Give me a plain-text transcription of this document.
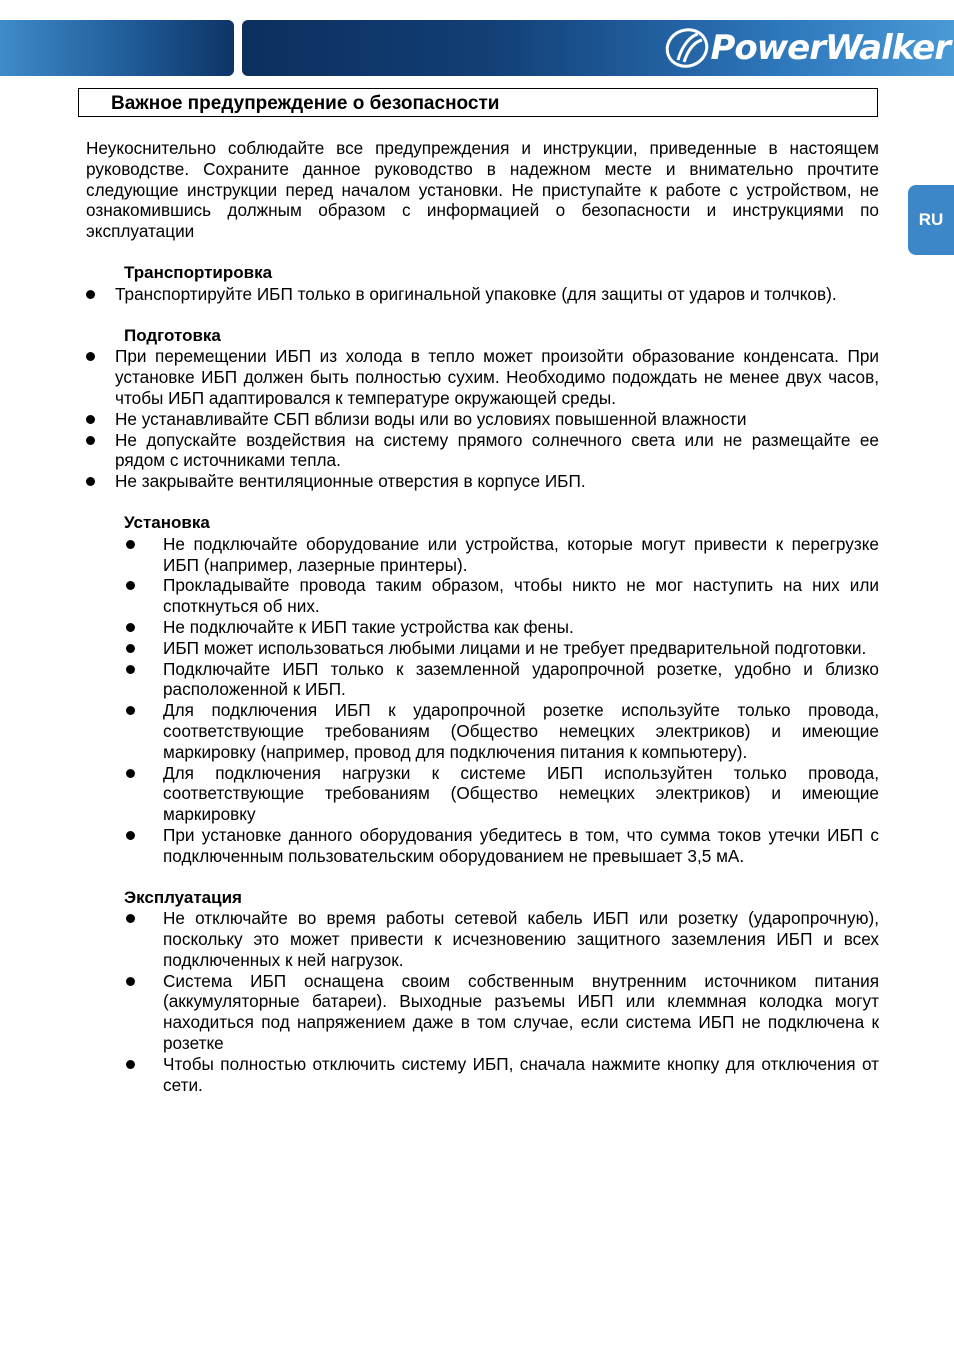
PowerWalker
RU
Важное предупреждение о безопасности

Неукоснительно соблюдайте все предупреждения и инструкции, приведенные в настоящем руководстве. Сохраните данное руководство в надежном месте и внимательно прочтите следующие инструкции перед началом установки. Не приступайте к работе с устройством, не ознакомившись должным образом с информацией о безопасности и инструкциями по эксплуатации

Транспортировка

Транспортируйте ИБП только в оригинальной упаковке (для защиты от ударов и толчков).

Подготовка

При перемещении ИБП из холода в тепло может произойти образование конденсата. При установке ИБП должен быть полностью сухим. Необходимо подождать не менее двух часов, чтобы ИБП адаптировался к температуре окружающей среды.
Не устанавливайте СБП вблизи воды или во условиях повышенной влажности
Не допускайте воздействия на систему прямого солнечного света или не размещайте ее рядом с источниками тепла.
Не закрывайте вентиляционные отверстия в корпусе ИБП.

Установка

Не подключайте оборудование или устройства, которые могут привести к перегрузке ИБП (например, лазерные принтеры).
Прокладывайте провода таким образом, чтобы никто не мог наступить на них или споткнуться об них.
Не подключайте к ИБП такие устройства как фены.
ИБП может использоваться любыми лицами и не требует предварительной подготовки.
Подключайте ИБП только к заземленной ударопрочной розетке, удобно и близко расположенной к ИБП.
Для подключения ИБП к ударопрочной розетке используйте только провода, соответствующие требованиям (Общество немецких электриков) и имеющие маркировку (например, провод для подключения питания к компьютеру).
Для подключения нагрузки к системе ИБП используйтен только провода, соответствующие требованиям (Общество немецких электриков) и имеющие маркировку
При установке данного оборудования убедитесь в том, что сумма токов утечки ИБП с подключенным пользовательским оборудованием не превышает 3,5 мА.

Эксплуатация

Не отключайте во время работы сетевой кабель ИБП или розетку (ударопрочную), поскольку это может привести к исчезновению защитного заземления ИБП и всех подключенных к ней нагрузок.
Система ИБП оснащена своим собственным внутренним источником питания (аккумуляторные батареи). Выходные разъемы ИБП или клеммная колодка могут находиться под напряжением даже в том случае, если система ИБП не подключена к розетке
Чтобы полностью отключить систему ИБП, сначала нажмите кнопку для отключения от сети.
